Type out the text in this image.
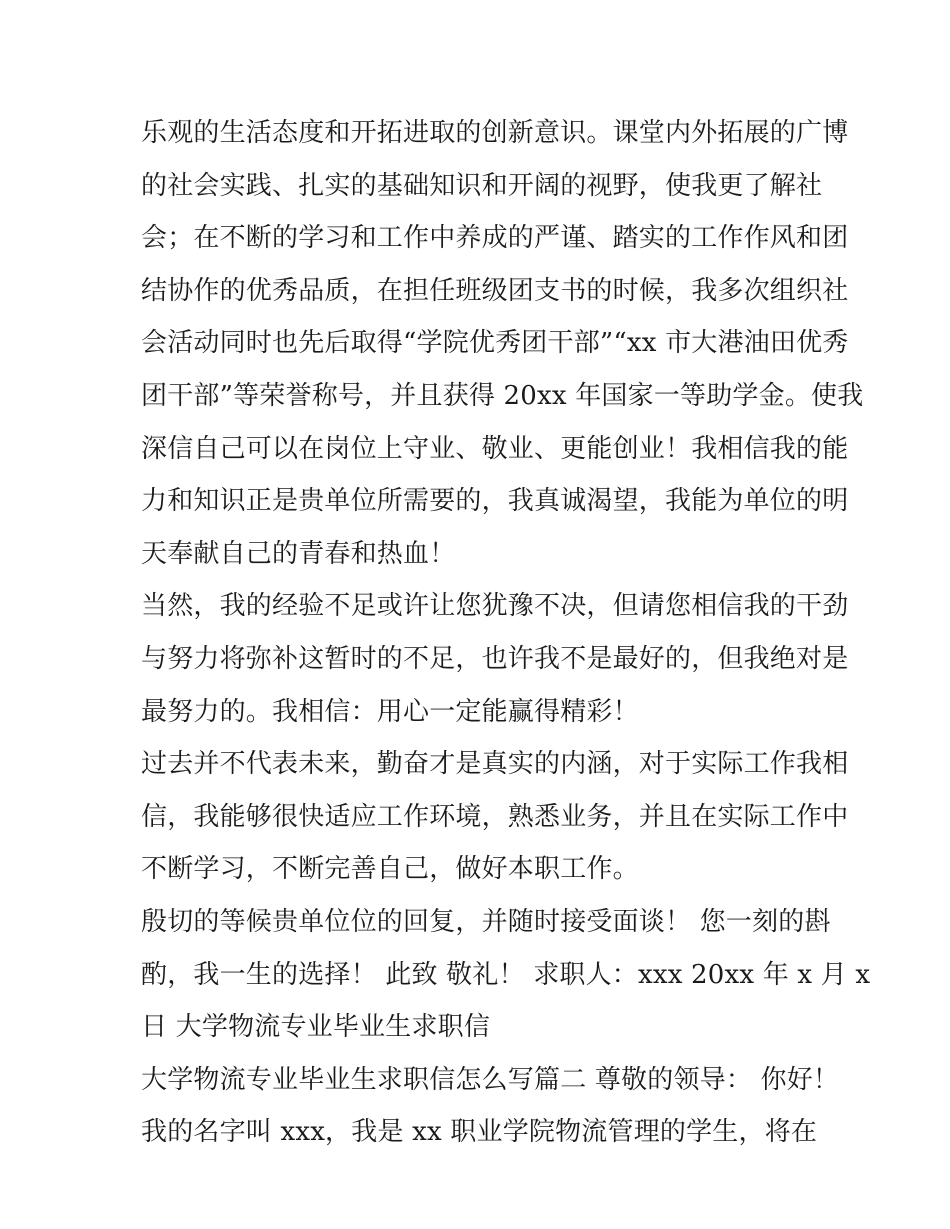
乐观的生活态度和开拓进取的创新意识。课堂内外拓展的广博
的社会实践、扎实的基础知识和开阔的视野，使我更了解社
会；在不断的学习和工作中养成的严谨、踏实的工作作风和团
结协作的优秀品质，在担任班级团支书的时候，我多次组织社
会活动同时也先后取得“学院优秀团干部”“xx 市大港油田优秀
团干部”等荣誉称号，并且获得 20xx 年国家一等助学金。使我
深信自己可以在岗位上守业、敬业、更能创业！我相信我的能
力和知识正是贵单位所需要的，我真诚渴望，我能为单位的明
天奉献自己的青春和热血！
当然，我的经验不足或许让您犹豫不决，但请您相信我的干劲
与努力将弥补这暂时的不足，也许我不是最好的，但我绝对是
最努力的。我相信：用心一定能赢得精彩！
过去并不代表未来，勤奋才是真实的内涵，对于实际工作我相
信，我能够很快适应工作环境，熟悉业务，并且在实际工作中
不断学习，不断完善自己，做好本职工作。
殷切的等候贵单位位的回复，并随时接受面谈！ 您一刻的斟
酌，我一生的选择！ 此致 敬礼！ 求职人：xxx 20xx 年 x 月 x
日 大学物流专业毕业生求职信
大学物流专业毕业生求职信怎么写篇二 尊敬的领导： 你好！
我的名字叫 xxx，我是 xx 职业学院物流管理的学生，将在
